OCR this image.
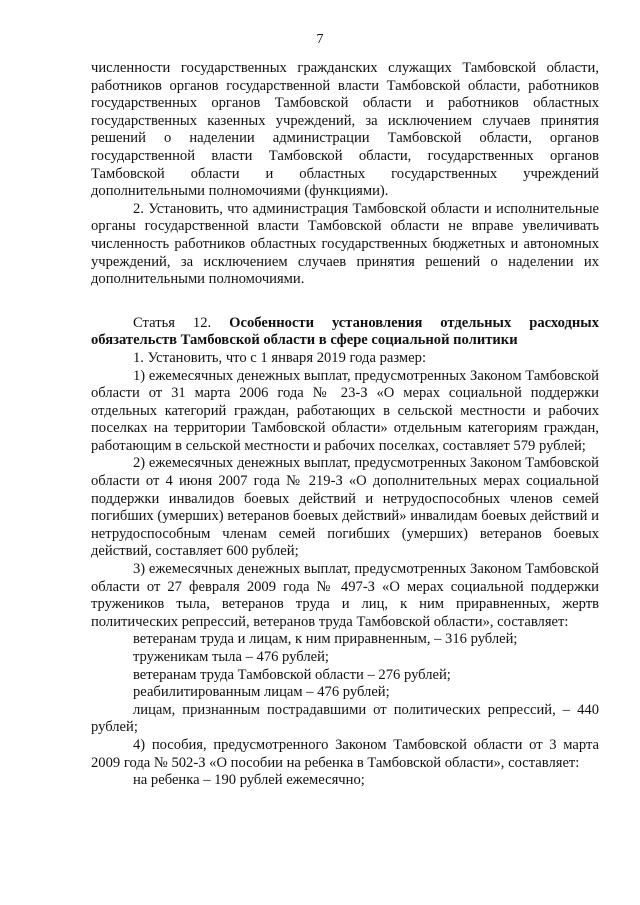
7

численности государственных гражданских служащих Тамбовской области, работников органов государственной власти Тамбовской области, работников государственных органов Тамбовской области и работников областных государственных казенных учреждений, за исключением случаев принятия решений о наделении администрации Тамбовской области, органов государственной власти Тамбовской области, государственных органов Тамбовской области и областных государственных учреждений дополнительными полномочиями (функциями).

2. Установить, что администрация Тамбовской области и исполнительные органы государственной власти Тамбовской области не вправе увеличивать численность работников областных государственных бюджетных и автономных учреждений, за исключением случаев принятия решений о наделении их дополнительными полномочиями.

Статья 12. Особенности установления отдельных расходных обязательств Тамбовской области в сфере социальной политики

1. Установить, что с 1 января 2019 года размер:

1) ежемесячных денежных выплат, предусмотренных Законом Тамбовской области от 31 марта 2006 года № 23-З «О мерах социальной поддержки отдельных категорий граждан, работающих в сельской местности и рабочих поселках на территории Тамбовской области» отдельным категориям граждан, работающим в сельской местности и рабочих поселках, составляет 579 рублей;

2) ежемесячных денежных выплат, предусмотренных Законом Тамбовской области от 4 июня 2007 года № 219-З «О дополнительных мерах социальной поддержки инвалидов боевых действий и нетрудоспособных членов семей погибших (умерших) ветеранов боевых действий» инвалидам боевых действий и нетрудоспособным членам семей погибших (умерших) ветеранов боевых действий, составляет 600 рублей;

3) ежемесячных денежных выплат, предусмотренных Законом Тамбовской области от 27 февраля 2009 года № 497-З «О мерах социальной поддержки тружеников тыла, ветеранов труда и лиц, к ним приравненных, жертв политических репрессий, ветеранов труда Тамбовской области», составляет:

ветеранам труда и лицам, к ним приравненным, – 316 рублей;

труженикам тыла – 476 рублей;

ветеранам труда Тамбовской области – 276 рублей;

реабилитированным лицам – 476 рублей;

лицам, признанным пострадавшими от политических репрессий, – 440 рублей;

4) пособия, предусмотренного Законом Тамбовской области от 3 марта 2009 года № 502-З «О пособии на ребенка в Тамбовской области», составляет:

на ребенка – 190 рублей ежемесячно;
